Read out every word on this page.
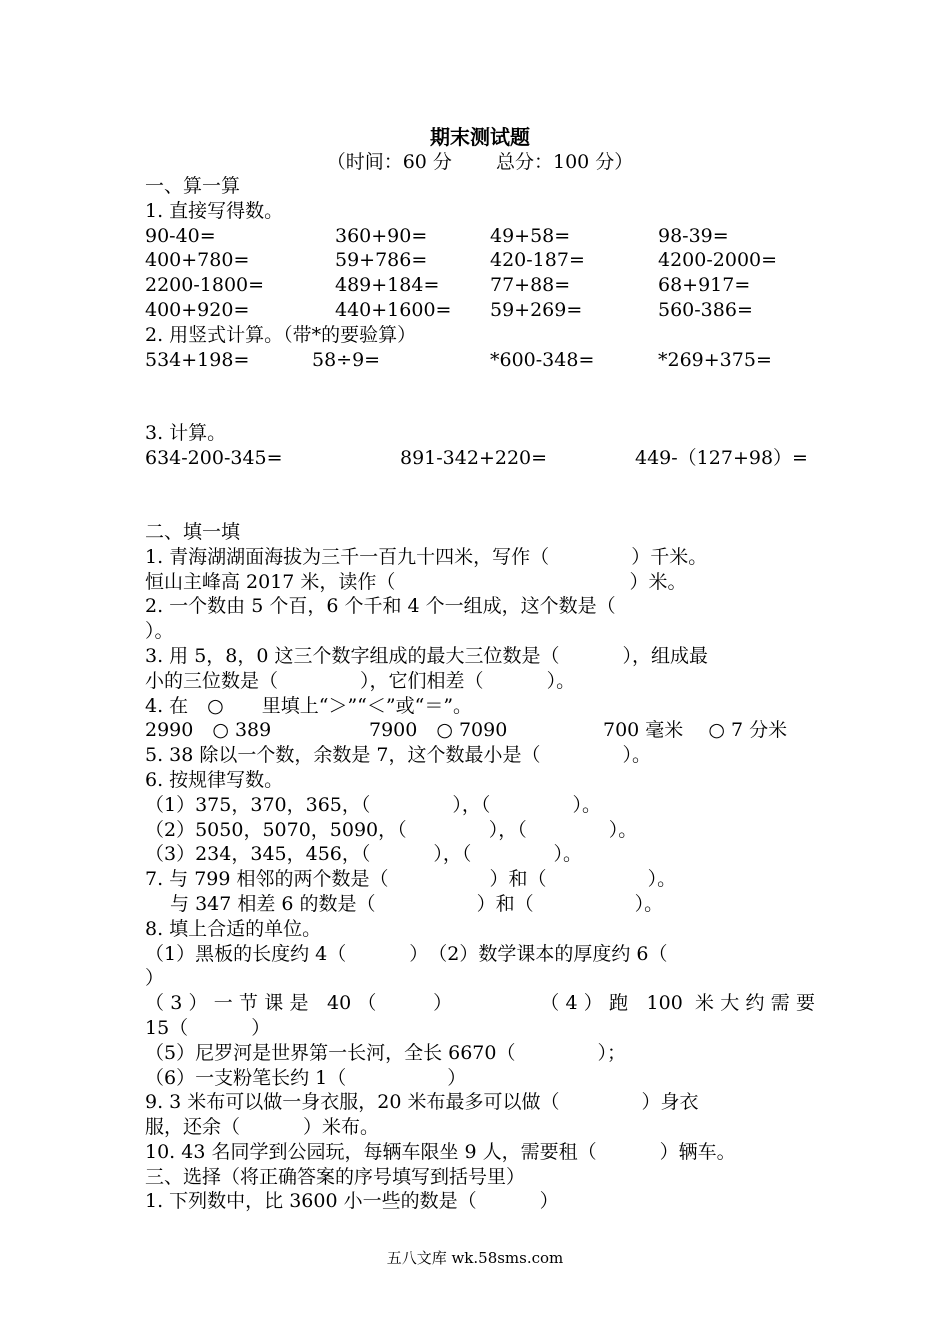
期末测试题
（时间：60 分　　 总分：100 分）
一、算一算
1. 直接写得数。
90-40=	360+90=	49+58=	98-39=
400+780=	59+786=	420-187=	4200-2000=
2200-1800=	489+184=	77+88=	68+917=
400+920=	440+1600= 59+269=	560-386=
2. 用竖式计算。（带*的要验算）
534+198=	58÷9=	*600-348=	*269+375=
3. 计算。
634-200-345=	891-342+220=	449-（127+98）=
二、填一填
1. 青海湖湖面海拔为三千一百九十四米，写作（　　　　 ）千米。
恒山主峰高 2017 米，读作（　　　　　　　　　　　　 ）米。
2. 一个数由 5 个百，6 个千和 4 个一组成，这个数是（
）。
3. 用 5，8，0 这三个数字组成的最大三位数是（　　　 ），组成最
小的三位数是（　　　　 ），它们相差（　　　 ）。
4. 在　○　　里填上“＞”“＜”或“＝”。
2990　○ 389	7900　○ 7090	700 毫米　 ○ 7 分米
5. 38 除以一个数，余数是 7，这个数最小是（　　　　 ）。
6. 按规律写数。
（1）375，370，365，（　　　　 ），（　　　　 ）。
（2）5050，5070，5090，（　　　　 ），（　　　　 ）。
（3）234，345，456，（　　　 ），（　　　　 ）。
7. 与 799 相邻的两个数是（　　　　　 ）和（　　　　　 ）。
　 与 347 相差 6 的数是（　　　　　 ）和（　　　　　 ）。
8. 填上合适的单位。
（1）黑板的长度约 4（　　　 ）　（2）数学课本的厚度约 6（
）
（3）一节课是 40（　　）　　　　（4）跑 100 米大约需要
15（　　　 ）
（5）尼罗河是世界第一长河，全长 6670（　　　　 ）；
（6）一支粉笔长约 1（　　　　　 ）
9. 3 米布可以做一身衣服，20 米布最多可以做（　　　　 ）身衣
服，还余（　　　 ）米布。
10. 43 名同学到公园玩，每辆车限坐 9 人，需要租（　　　 ）辆车。
三、选择（将正确答案的序号填写到括号里）
1. 下列数中，比 3600 小一些的数是（　　　 ）
五八文库 wk.58sms.com
